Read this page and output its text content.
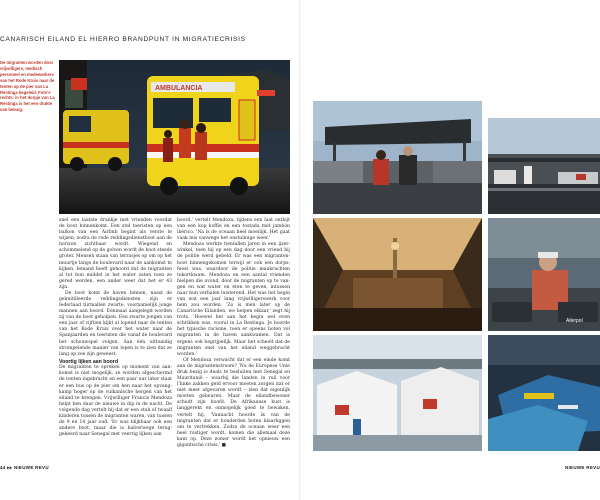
CANARISCH EILAND EL HIERRO BRANDPUNT IN MIGRATIECRISIS
De migranten worden door vrijwilligers, medisch personeel en medewerkers van het Rode Kruis naar de tenten op de pier van La Restinga begeleid. Foto's rechts: in het dorpje van La Restinga is het een drukte van belang.
AMBULANCIA

snel een laatste drankje met vrienden voordat de boot binnenkomt. Een stel toeristen op een balkon van een Airbnb begint als verste te wijzen, zodra de rode reddingsdienstboot aan de horizon zichtbaar wordt. Wiegend en schommelend op de golven wordt de boot steeds groter. Mensen staan van terrasjes op om op het muurtje langs de boulevard naar de aankomst te kijken. Iemand heeft gehoord dat de migranten al tot hun middel in het water zaten toen ze gered werden, een ander weet dat het er 43 zijn.

De boot komt de haven binnen, naast de geïmitilleerde reddingsdiensten zijn er Iederlaad tiirmallen zwarte, voornamelijk jonge mannen aan boord. Eenmaal aangelegd worden zij van de boot geholpen. Een zwarte jongen van een jaar of vijftien kijkt al lopend naar de tenten van het Rode Kruis over het water naar de Spanjaarden en toeristen die vanaf de boulevard het schouwspel volgen. Aan één uitbundig strompelende manier van lopen is te zien dat ze lang op zee zijn geweest.

Voortig lijken aan boord

De migranten te spreken op moment van aankomst is niet mogelijk, ze worden afgeschermd de tenten ingebracht en een paar uur later staat er een bus op de pier om hen naar het opvangkamp hoger op de vulkanische bergen van het eiland te brengen. Vrijwilliger Francis Mendoza helpt ben daar de nieuwe in dip in de nacht. De volgende dag vertelt hij dat er een stuk of twaalf kinderen tussen de migranten waren, van tussen de 9 en 14 jaar oud. 'Er was blijkbaar ook een andere boot, maar die is halverwege teruggekeerd naar Senegal met veertig lijken aan

boord,' vertelt Mendoza, tijdens een laat ontbijt van een kop koffie en een tostada met jambón ibérico. 'Na is de oceaan heel moeilijk. Het gaat vaak mis vanwege het onstuimige weer.'

Mendoza werkte tientallen jaren in een ijzerwinkel, toen hij op een dag door een vriend bij de politie werd gebeld. Er was een migrantenboot binnengekomen terwijl er ook een dorpsfeest was, waardoor de politie mankrachten tekortkwam. Mendoza en een aantal vrienden hielpen die avond, door de migranten op te vangen en wat water en eten te geven, intussen naar hun verhalen luisterend. Het was het begin van wat een jaar lang vrijwilligerswerk voor hem zou worden. 'Zo is men later op de Canarische Eilanden, we helpen elkaar,' zegt hij trots. 'Hoewel het aan het begin wel even schrikken was, vooral in La Restinga. Je hoorde het typische racisme, toen er opeens boten vol migranten in de haven aankwamen. Dat is ergens ook begrijpelijk. Maar het scheelt dat de migranten snel van het eiland weggebracht worden.'

Of Mendoza verwacht dat er een einde komt aan de migrantenstroom? 'Nu de Europese Unie druk bezig is deals te besluiten met Senegal en Mauritanië – waarbij die landen in ruil voor l'linke zakken geld ervoor moeten zorgen dat er niet meer afgevaren wordt – zien dat eigenlijk moeten gebeuren. Maar de eilandbewoner schudt zijn hoofd. De Afrikaanse kust is langgerekt en onmogelijk goed te bewaken, vertelt hij. 'Vannacht hoorde ik van de migranten dat er honderden boten klaarliggen om te vertrekken. Zodra de oceaan weer een heel rustiger wordt, komen die allemaal deze kant op. Deze zomer wordt het opnieuw een gigantische crisis.' ■

Ailerpol
44 ▸▸ NIEUWE REVU	NIEUWE REVU
